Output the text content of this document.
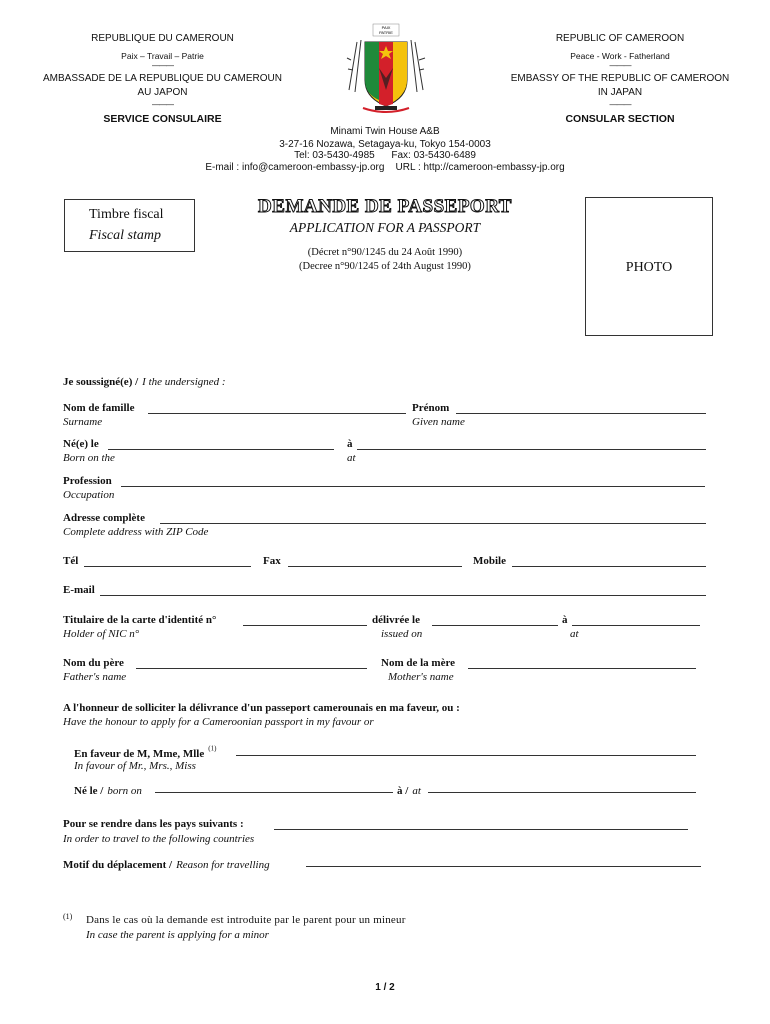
REPUBLIQUE DU CAMEROUN
Paix – Travail – Patrie
———
AMBASSADE DE LA REPUBLIQUE DU CAMEROUN
AU JAPON
———
SERVICE CONSULAIRE
REPUBLIC OF CAMEROON
Peace - Work - Fatherland
———
EMBASSY OF THE REPUBLIC OF CAMEROON
IN JAPAN
———
CONSULAR SECTION
PAIX
PATRIE
Minami Twin House A&B
3-27-16 Nozawa, Setagaya-ku, Tokyo 154-0003
Tel: 03-5430-4985      Fax: 03-5430-6489
E-mail : info@cameroon-embassy-jp.org    URL : http://cameroon-embassy-jp.org
Timbre fiscal
Fiscal stamp
DEMANDE DE PASSEPORT
APPLICATION FOR A PASSPORT
(Décret n°90/1245 du 24 Août 1990)
(Decree n°90/1245 of 24th August 1990)	PHOTO
Je soussigné(e) / I the undersigned :
Nom de famille
Surname
Prénom
Given name
Né(e) le
Born on the
à
at
Profession
Occupation
Adresse complète
Complete address with ZIP Code
Tél	Fax	Mobile
E-mail
Titulaire de la carte d'identité n°
Holder of NIC n°
délivrée le
issued on
à
at
Nom du père
Father's name
Nom de la mère
Mother's name
A l'honneur de solliciter la délivrance d'un passeport camerounais en ma faveur, ou :
Have the honour to apply for a Cameroonian passport in my favour or
En faveur de M, Mme, Mlle $^{(1)}$
In favour of Mr., Mrs., Miss
Né le / born on	à / at
Pour se rendre dans les pays suivants :
In order to travel to the following countries
Motif du déplacement / Reason for travelling
(1) Dans le cas où la demande est introduite par le parent pour un mineur
In case the parent is applying for a minor
1 / 2
